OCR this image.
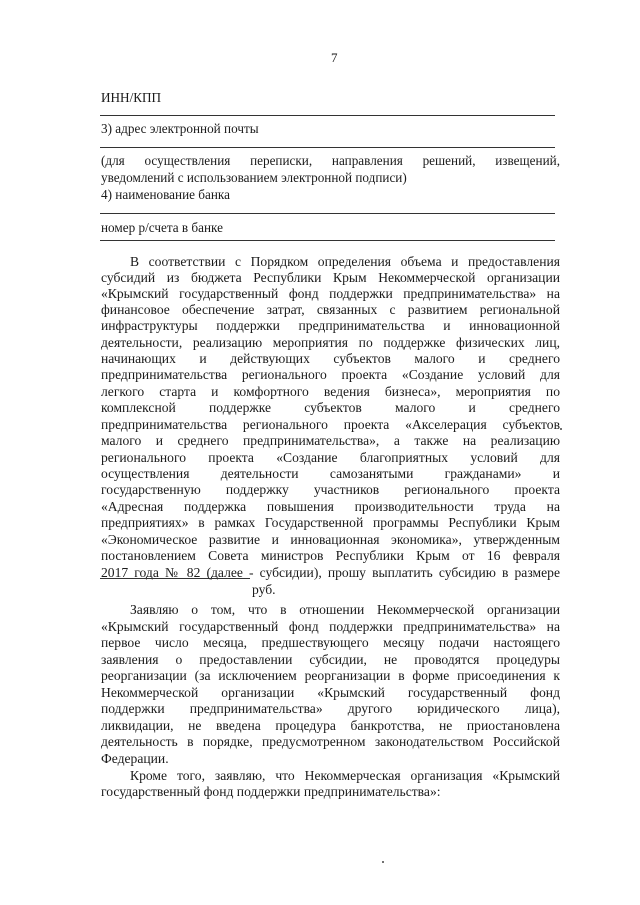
7
ИНН/КПП
3) адрес электронной почты
(для осуществления переписки, направления решений, извещений,
уведомлений с использованием электронной подписи)
4) наименование банка
номер р/счета в банке
В соответствии с Порядком определения объема и предоставления
субсидий из бюджета Республики Крым Некоммерческой организации
«Крымский государственный фонд поддержки предпринимательства» на
финансовое обеспечение затрат, связанных с развитием региональной
инфраструктуры поддержки предпринимательства и инновационной
деятельности, реализацию мероприятия по поддержке физических лиц,
начинающих и действующих субъектов малого и среднего
предпринимательства регионального проекта «Создание условий для
легкого старта и комфортного ведения бизнеса», мероприятия по
комплексной поддержке субъектов малого и среднего
предпринимательства регионального проекта «Акселерация субъектов
малого и среднего предпринимательства», а также на реализацию
регионального проекта «Создание благоприятных условий для
осуществления деятельности самозанятыми гражданами» и
государственную поддержку участников регионального проекта
«Адресная поддержка повышения производительности труда на
предприятиях» в рамках Государственной программы Республики Крым
«Экономическое развитие и инновационная экономика», утвержденным
постановлением Совета министров Республики Крым от 16 февраля
2017 года № 82 (далее - субсидии), прошу выплатить субсидию в размере
руб.
Заявляю о том, что в отношении Некоммерческой организации
«Крымский государственный фонд поддержки предпринимательства» на
первое число месяца, предшествующего месяцу подачи настоящего
заявления о предоставлении субсидии, не проводятся процедуры
реорганизации (за исключением реорганизации в форме присоединения к
Некоммерческой организации «Крымский государственный фонд
поддержки предпринимательства» другого юридического лица),
ликвидации, не введена процедура банкротства, не приостановлена
деятельность в порядке, предусмотренном законодательством Российской
Федерации.
Кроме того, заявляю, что Некоммерческая организация «Крымский
государственный фонд поддержки предпринимательства»:
